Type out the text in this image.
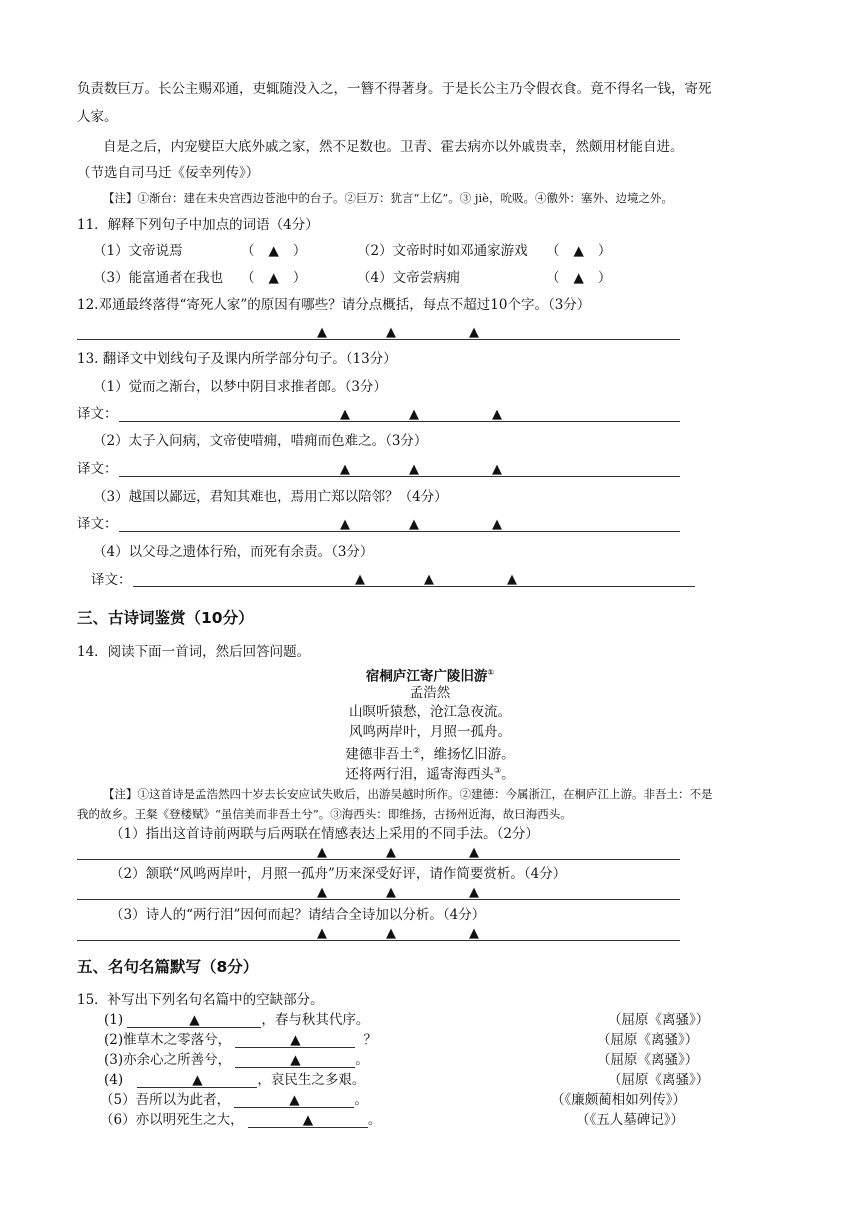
负责数巨万。长公主赐邓通，吏辄随没入之，一簪不得著身。于是长公主乃令假衣食。竟不得名一钱，寄死
人家。
自是之后，内宠嬖臣大底外戚之家，然不足数也。卫青、霍去病亦以外戚贵幸，然颇用材能自进。
（节选自司马迁《佞幸列传》）
【注】①渐台：建在未央宫西边苍池中的台子。②巨万：犹言“上亿”。③ jiè，吮吸。④徼外：塞外、边境之外。
11．解释下列句子中加点的词语（4分）
（1）文帝说焉	（ ▲ ）	（2）文帝时时如邓通家游戏 （ ▲ ）
（3）能富通者在我也 （ ▲ ）	（4）文帝尝病痈	（ ▲ ）
12.邓通最终落得“寄死人家”的原因有哪些？请分点概括，每点不超过10个字。（3分）
▲	▲	▲
13. 翻译文中划线句子及课内所学部分句子。（13分）
（1）觉而之渐台，以梦中阴目求推者郎。（3分）
译文：	▲	▲	▲
（2）太子入问病，文帝使唶痈，唶痈而色难之。（3分）
译文：	▲	▲	▲
（3）越国以鄙远，君知其难也，焉用亡郑以陪邻？（4分）
译文：	▲	▲	▲
（4）以父母之遗体行殆，而死有余责。（3分）
译文：	▲	▲	▲
三、古诗词鉴赏（10分）
14．阅读下面一首词，然后回答问题。
宿桐庐江寄广陵旧游①
孟浩然
山暝听猿愁，沧江急夜流。
风鸣两岸叶，月照一孤舟。
建德非吾土②，维扬忆旧游。
还将两行泪，遥寄海西头③。
【注】①这首诗是孟浩然四十岁去长安应试失败后，出游吴越时所作。②建德：今属浙江，在桐庐江上游。非吾土：不是
我的故乡。王粲《登楼赋》“虽信美而非吾土兮”。③海西头：即维扬，古扬州近海，故曰海西头。
（1）指出这首诗前两联与后两联在情感表达上采用的不同手法。（2分）
▲	▲	▲
（2）颔联“风鸣两岸叶，月照一孤舟”历来深受好评，请作简要赏析。（4分）
▲	▲	▲
（3）诗人的“两行泪”因何而起？请结合全诗加以分析。（4分）
▲	▲	▲
五、名句名篇默写（8分）
15．补写出下列名句名篇中的空缺部分。
(1)	▲	，春与秋其代序。	（屈原《离骚》）
(2)惟草木之零落兮，	▲	？	（屈原《离骚》）
(3)亦余心之所善兮，	▲	。	（屈原《离骚》）
(4)	▲	，哀民生之多艰。	（屈原《离骚》）
（5）吾所以为此者，	▲	。	（《廉颇蔺相如列传》）
（6）亦以明死生之大，	▲	。	（《五人墓碑记》）
